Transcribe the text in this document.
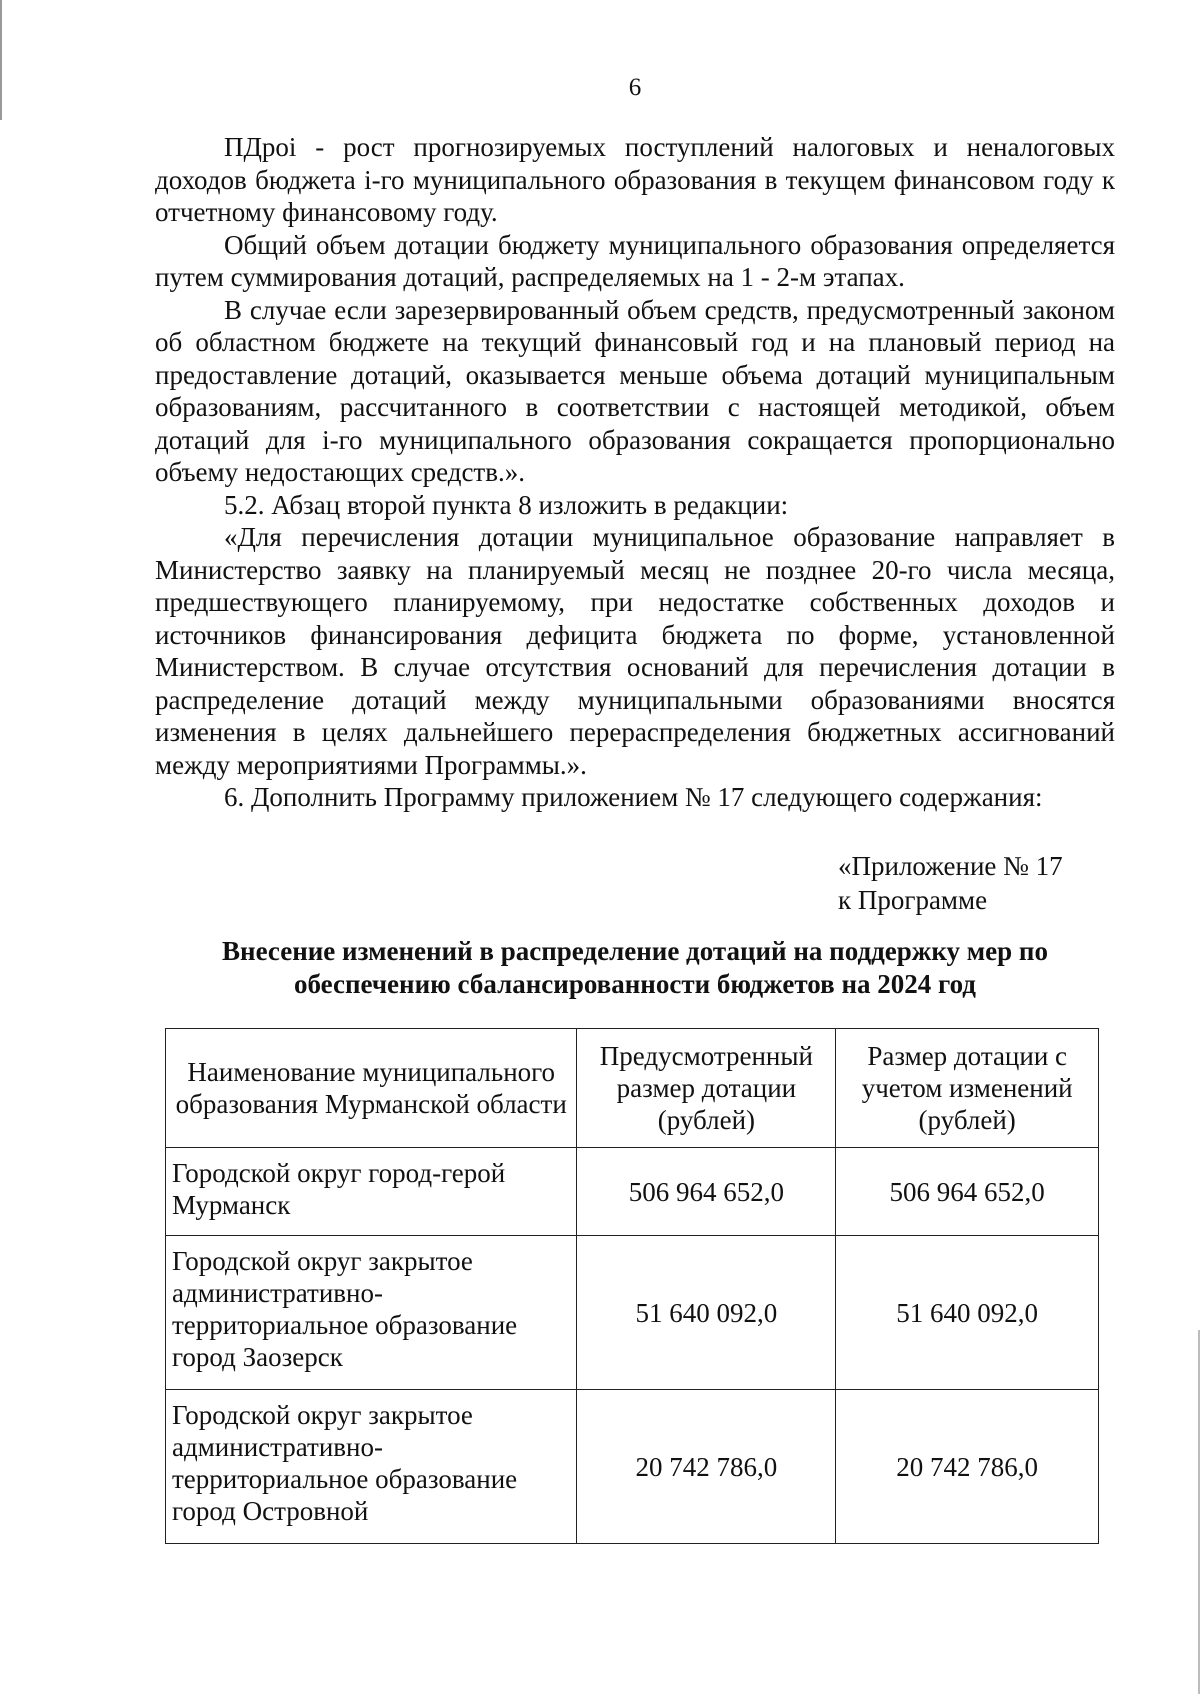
6

ПДроі - рост прогнозируемых поступлений налоговых и неналоговых доходов бюджета і-го муниципального образования в текущем финансовом году к отчетному финансовому году.

Общий объем дотации бюджету муниципального образования определяется путем суммирования дотаций, распределяемых на 1 - 2-м этапах.

В случае если зарезервированный объем средств, предусмотренный законом об областном бюджете на текущий финансовый год и на плановый период на предоставление дотаций, оказывается меньше объема дотаций муниципальным образованиям, рассчитанного в соответствии с настоящей методикой, объем дотаций для і-го муниципального образования сокращается пропорционально объему недостающих средств.».

5.2. Абзац второй пункта 8 изложить в редакции:

«Для перечисления дотации муниципальное образование направляет в Министерство заявку на планируемый месяц не позднее 20-го числа месяца, предшествующего планируемому, при недостатке собственных доходов и источников финансирования дефицита бюджета по форме, установленной Министерством. В случае отсутствия оснований для перечисления дотации в распределение дотаций между муниципальными образованиями вносятся изменения в целях дальнейшего перераспределения бюджетных ассигнований между мероприятиями Программы.».

6. Дополнить Программу приложением № 17 следующего содержания:

«Приложение № 17
к Программе
Внесение изменений в распределение дотаций на поддержку мер по
обеспечению сбалансированности бюджетов на 2024 год
Наименование муниципального образования Мурманской области	Предусмотренный размер дотации (рублей)	Размер дотации с учетом изменений (рублей)
Городской округ город-герой Мурманск	506 964 652,0	506 964 652,0
Городской округ закрытое административно-территориальное образование город Заозерск	51 640 092,0	51 640 092,0
Городской округ закрытое административно-территориальное образование город Островной	20 742 786,0	20 742 786,0
